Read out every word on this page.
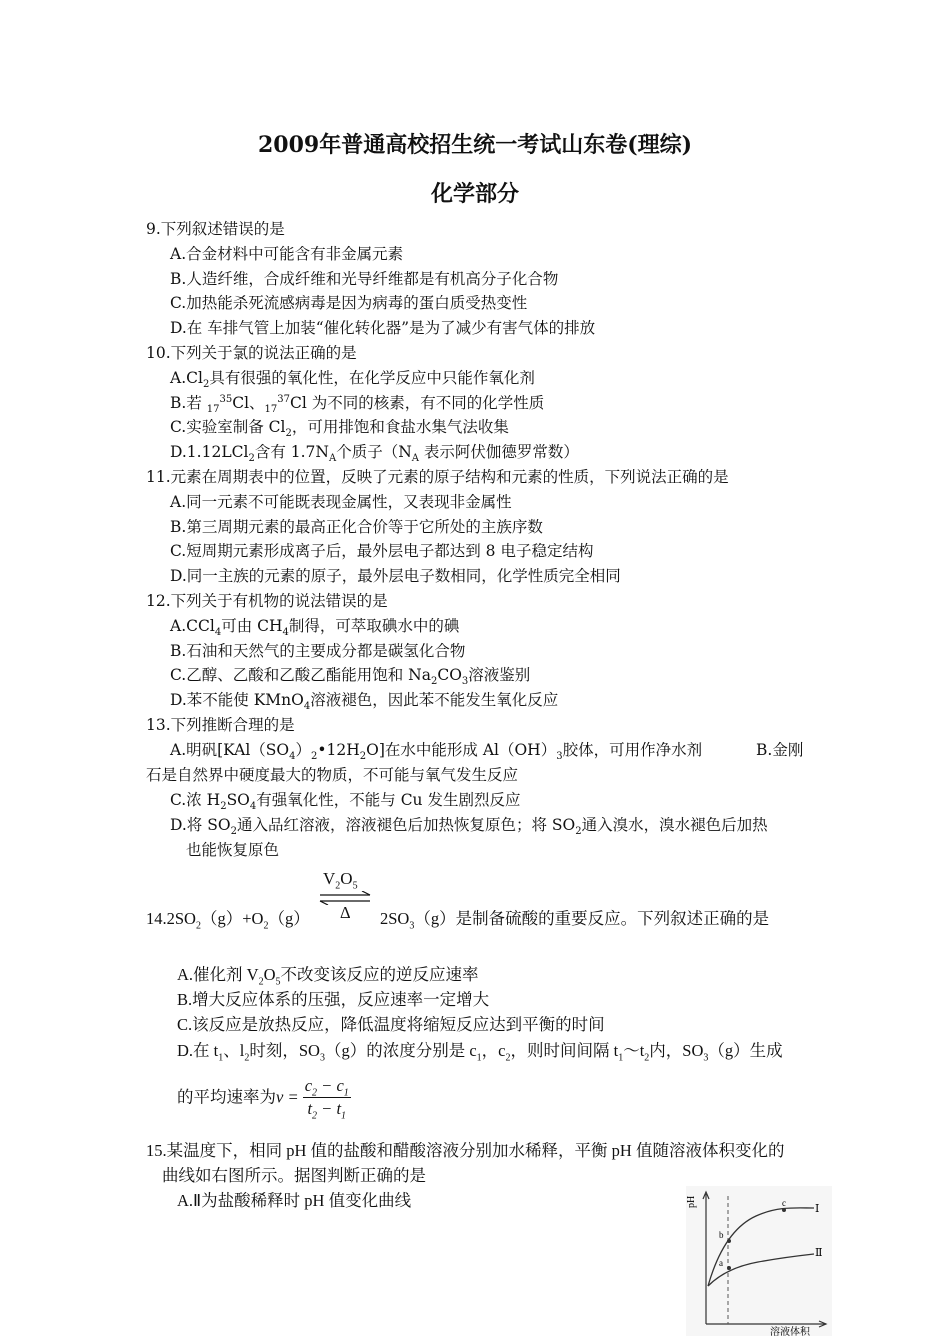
2009年普通高校招生统一考试山东卷(理综)
化学部分
9.下列叙述错误的是
A.合金材料中可能含有非金属元素
B.人造纤维，合成纤维和光导纤维都是有机高分子化合物
C.加热能杀死流感病毒是因为病毒的蛋白质受热变性
D.在 车排气管上加装“催化转化器”是为了减少有害气体的排放
10.下列关于氯的说法正确的是
$A.Cl_2$具有很强的氧化性，在化学反应中只能作氧化剂
B.若 $_{17}^{35}$Cl、$_{17}^{37}$Cl 为不同的核素，有不同的化学性质
C.实验室制备 $Cl_2$，可用排饱和食盐水集气法收集
D.1.12LCl$_2$含有 $1.7N_A$个质子（$N_A$ 表示阿伏伽德罗常数）
11.元素在周期表中的位置，反映了元素的原子结构和元素的性质，下列说法正确的是
A.同一元素不可能既表现金属性，又表现非金属性
B.第三周期元素的最高正化合价等于它所处的主族序数
C.短周期元素形成离子后，最外层电子都达到 8 电子稳定结构
D.同一主族的元素的原子，最外层电子数相同，化学性质完全相同
12.下列关于有机物的说法错误的是
A.CCl$_4$可由 $CH_4$制得，可萃取碘水中的碘
B.石油和天然气的主要成分都是碳氢化合物
C.乙醇、乙酸和乙酸乙酯能用饱和 $Na_2CO_3$溶液鉴别
D.苯不能使 KMnO$_4$溶液褪色，因此苯不能发生氧化反应
13.下列推断合理的是
A.明矾$[KAl(SO_4)_2•12H_2O]$在水中能形成 $Al(OH)_3$胶体，可用作净水剂	B.金刚
石是自然界中硬度最大的物质，不可能与氧气发生反应
C.浓 $H_2SO_4$有强氧化性，不能与 Cu 发生剧烈反应
D.将 $SO_2$通入品红溶液，溶液褪色后加热恢复原色；将 $SO_2$通入溴水，溴水褪色后加热
也能恢复原色
$V_2O_5$
Δ
$14.2SO_2(g)+O_2(g)$	$2SO_3(g)$是制备硫酸的重要反应。下列叙述正确的是
A.催化剂 $V_2O_5$不改变该反应的逆反应速率
B.增大反应体系的压强，反应速率一定增大
C.该反应是放热反应，降低温度将缩短反应达到平衡的时间
D.在 $t_1$、$l_2$时刻，$SO_3(g)$的浓度分别是 $c_1$，$c_2$，则时间间隔 $t_1\sim t_2$内，$SO_3(g)$生成
的平均速率为$v = \frac{c_2 - c_1}{t_2 - t_1}$
15.某温度下，相同 pH 值的盐酸和醋酸溶液分别加水稀释，平衡 pH 值随溶液体积变化的
曲线如右图所示。据图判断正确的是
A.Ⅱ为盐酸稀释时 pH 值变化曲线	pH
Ⅰ
Ⅱ
b
a
c
溶液体积
